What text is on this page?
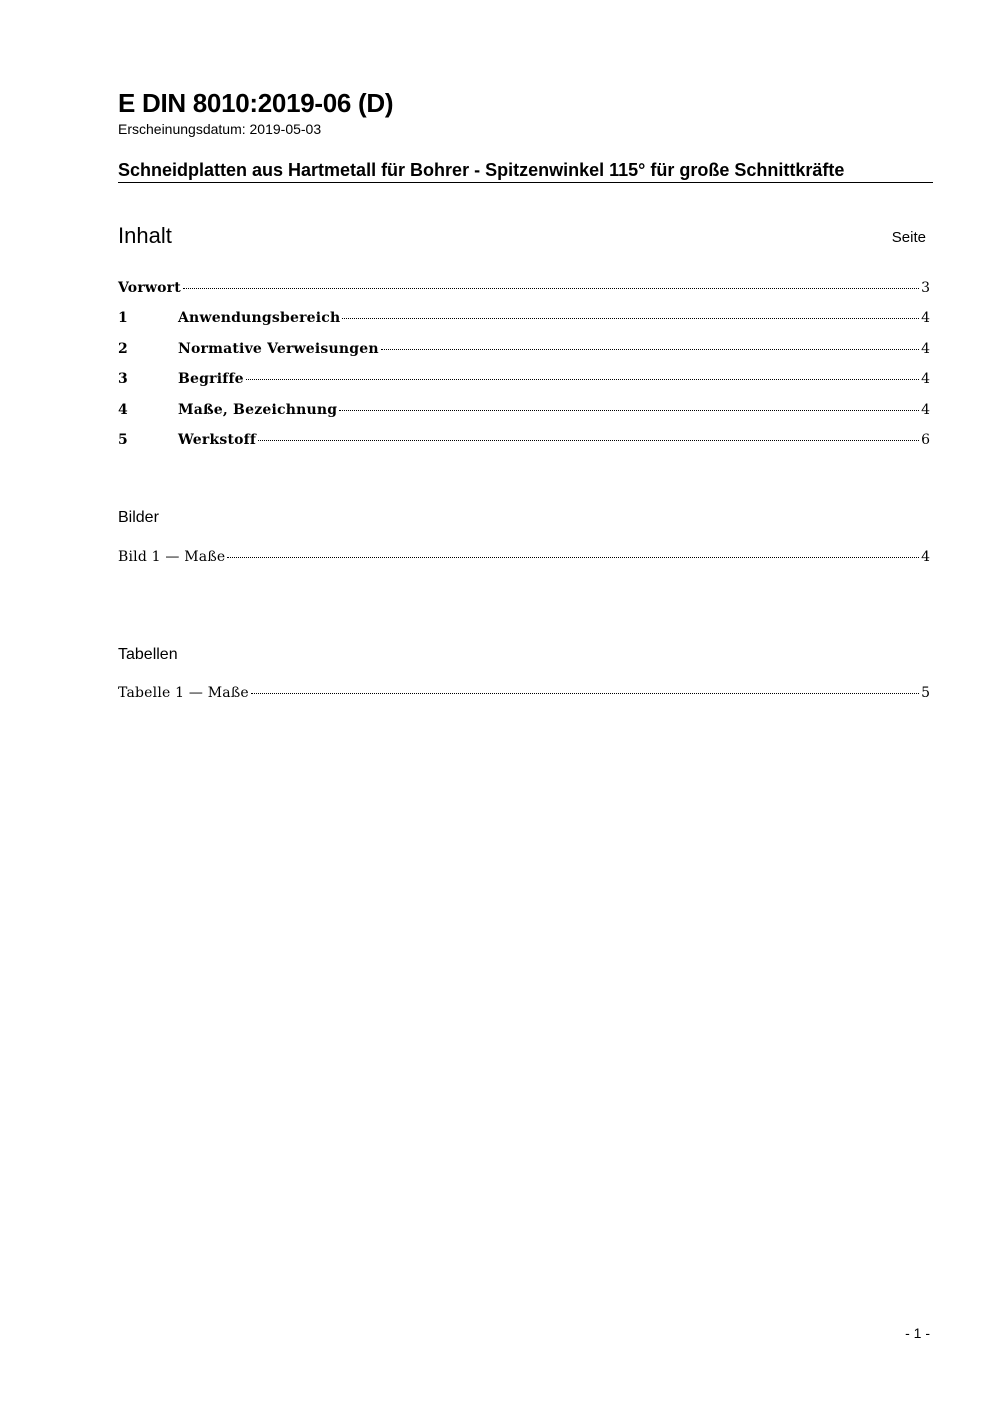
E DIN 8010:2019-06 (D)
Erscheinungsdatum: 2019-05-03
Schneidplatten aus Hartmetall für Bohrer - Spitzenwinkel 115° für große Schnittkräfte
Inhalt	Seite
Vorwort	3
1	Anwendungsbereich	4
2	Normative Verweisungen	4
3	Begriffe	4
4	Maße, Bezeichnung	4
5	Werkstoff	6
Bilder
Bild 1 — Maße	4
Tabellen
Tabelle 1 — Maße	5
- 1 -
